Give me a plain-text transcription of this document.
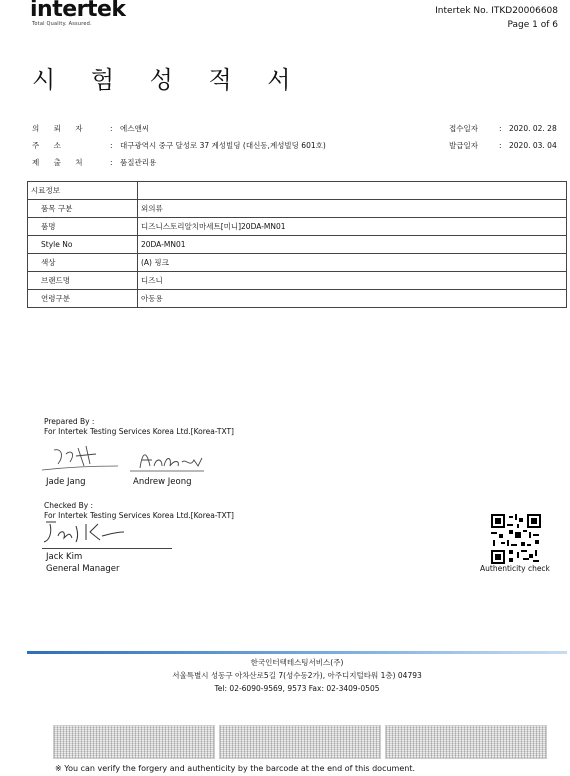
intertek
Total Quality. Assured.
Intertek No. ITKD20006608
Page 1 of 6
시 험 성 적 서
의 뢰 자	: 에스앤씨
주 소	: 대구광역시 중구 달성로 37 계성빌딩 (대신동,계성빌딩 601호)
제 출 처	: 품질관리용
접수일자	: 2020. 02. 28
발급일자	: 2020. 03. 04
시료정보	
품목 구분	외의류
품명	디즈니스토리알치마세트[미니]20DA-MN01
Style No	20DA-MN01
색상	(A) 핑크
브랜드명	디즈니
연령구분	아동용
Prepared By :
For Intertek Testing Services Korea Ltd.[Korea-TXT]
Jade Jang	Andrew Jeong
Checked By :
For Intertek Testing Services Korea Ltd.[Korea-TXT]
Jack Kim
General Manager	Authenticity check
한국인터텍테스팅서비스(주)
서울특별시 성동구 아차산로5길 7(성수동2가), 아주디지털타워 1층) 04793
Tel: 02-6090-9569, 9573 Fax: 02-3409-0505
※ You can verify the forgery and authenticity by the barcode at the end of this document.
